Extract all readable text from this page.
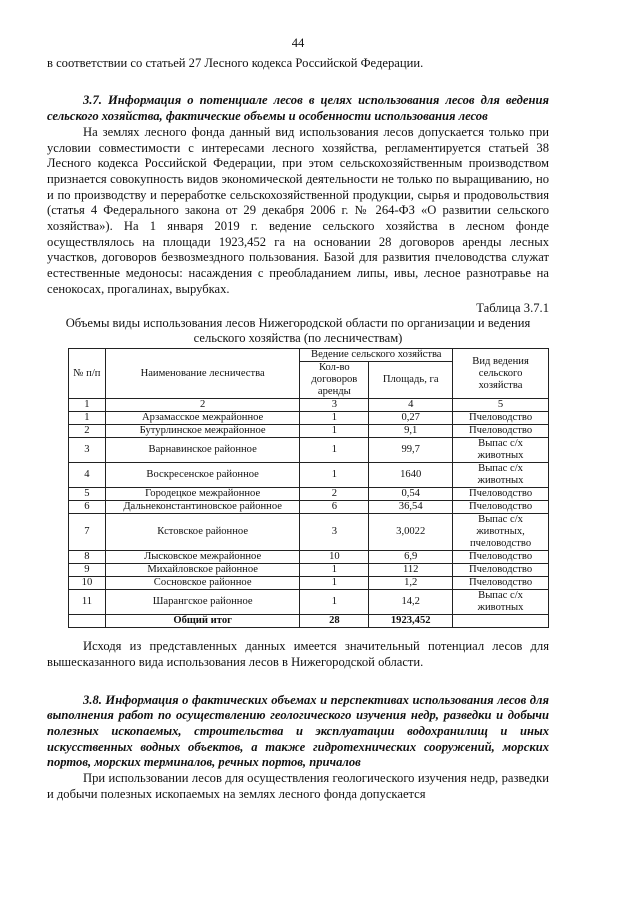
44

в соответствии со статьей 27 Лесного кодекса Российской Федерации.

3.7. Информация о потенциале лесов в целях использования лесов для ведения сельского хозяйства, фактические объемы и особенности использования лесов

На землях лесного фонда данный вид использования лесов допускается только при условии совместимости с интересами лесного хозяйства, регламентируется статьей 38 Лесного кодекса Российской Федерации, при этом сельскохозяйственным производством признается совокупность видов экономической деятельности не только по выращиванию, но и по производству и переработке сельскохозяйственной продукции, сырья и продовольствия (статья 4 Федерального закона от 29 декабря 2006 г. № 264-ФЗ «О развитии сельского хозяйства»). На 1 января 2019 г. ведение сельского хозяйства в лесном фонде осуществлялось на площади 1923,452 га на основании 28 договоров аренды лесных участков, договоров безвозмездного пользования. Базой для развития пчеловодства служат естественные медоносы: насаждения с преобладанием липы, ивы, лесное разнотравье на сенокосах, прогалинах, вырубках.

Таблица 3.7.1
Объемы виды использования лесов Нижегородской области по организации и ведения сельского хозяйства (по лесничествам)
№ п/п	Наименование лесничества	Ведение сельского хозяйства		Вид ведения сельского хозяйства
		Кол-во договоров аренды	Площадь, га	
1	2	3	4	5
1	Арзамасское межрайонное	1	0,27	Пчеловодство
2	Бутурлинское межрайонное	1	9,1	Пчеловодство
3	Варнавинское районное	1	99,7	Выпас с/х животных
4	Воскресенское районное	1	1640	Выпас с/х животных
5	Городецкое межрайонное	2	0,54	Пчеловодство
6	Дальнеконстантиновское районное	6	36,54	Пчеловодство
7	Кстовское районное	3	3,0022	Выпас с/х животных, пчеловодство
8	Лысковское межрайонное	10	6,9	Пчеловодство
9	Михайловское районное	1	112	Пчеловодство
10	Сосновское районное	1	1,2	Пчеловодство
11	Шарангское районное	1	14,2	Выпас с/х животных
	Общий итог	28	1923,452	

Исходя из представленных данных имеется значительный потенциал лесов для вышесказанного вида использования лесов в Нижегородской области.

3.8. Информация о фактических объемах и перспективах использования лесов для выполнения работ по осуществлению геологического изучения недр, разведки и добычи полезных ископаемых, строительства и эксплуатации водохранилищ и иных искусственных водных объектов, а также гидротехнических сооружений, морских портов, морских терминалов, речных портов, причалов

При использовании лесов для осуществления геологического изучения недр, разведки и добычи полезных ископаемых на землях лесного фонда допускается
